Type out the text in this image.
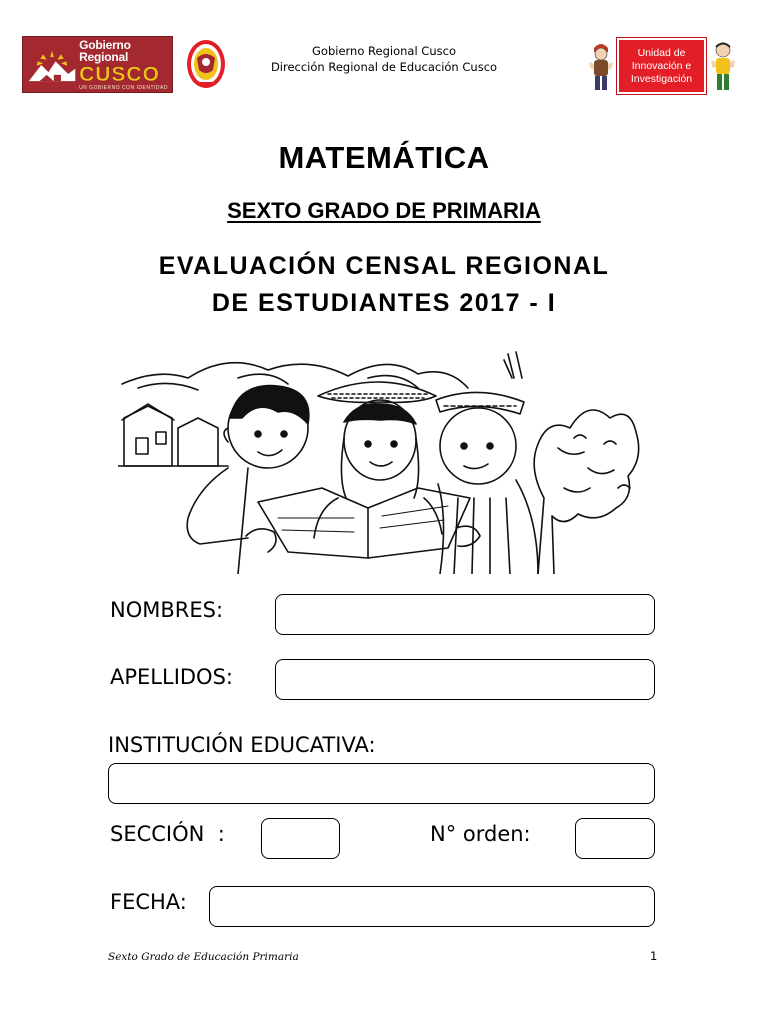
Gobierno Regional
CUSCO
UN GOBIERNO CON IDENTIDAD
Gobierno Regional Cusco
Dirección Regional de Educación Cusco
Unidad de
Innovación e
Investigación
MATEMÁTICA
SEXTO GRADO DE PRIMARIA
EVALUACIÓN CENSAL REGIONAL
DE ESTUDIANTES 2017 - I
NOMBRES:
APELLIDOS:
INSTITUCIÓN EDUCATIVA:
SECCIÓN  :	N° orden:
FECHA:
Sexto Grado de Educación Primaria	1
